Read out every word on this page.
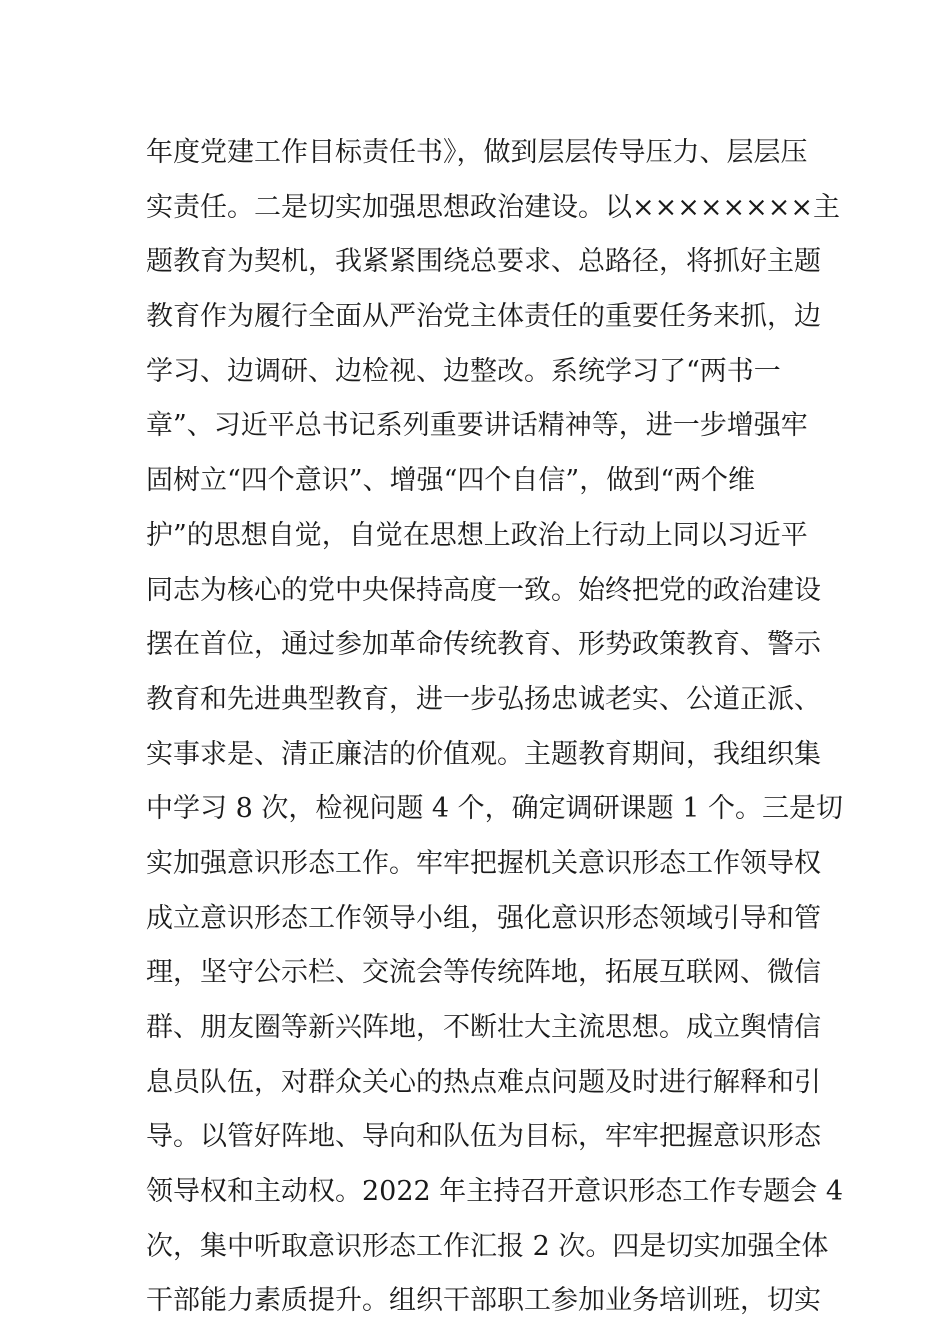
年度党建工作目标责任书》，做到层层传导压力、层层压
实责任。二是切实加强思想政治建设。以××××××××主
题教育为契机，我紧紧围绕总要求、总路径，将抓好主题
教育作为履行全面从严治党主体责任的重要任务来抓，边
学习、边调研、边检视、边整改。系统学习了“两书一
章”、习近平总书记系列重要讲话精神等，进一步增强牢
固树立“四个意识”、增强“四个自信”，做到“两个维
护”的思想自觉，自觉在思想上政治上行动上同以习近平
同志为核心的党中央保持高度一致。始终把党的政治建设
摆在首位，通过参加革命传统教育、形势政策教育、警示
教育和先进典型教育，进一步弘扬忠诚老实、公道正派、
实事求是、清正廉洁的价值观。主题教育期间，我组织集
中学习 8 次，检视问题 4 个，确定调研课题 1 个。三是切
实加强意识形态工作。牢牢把握机关意识形态工作领导权
成立意识形态工作领导小组，强化意识形态领域引导和管
理，坚守公示栏、交流会等传统阵地，拓展互联网、微信
群、朋友圈等新兴阵地，不断壮大主流思想。成立舆情信
息员队伍，对群众关心的热点难点问题及时进行解释和引
导。以管好阵地、导向和队伍为目标，牢牢把握意识形态
领导权和主动权。2022 年主持召开意识形态工作专题会 4
次，集中听取意识形态工作汇报 2 次。四是切实加强全体
干部能力素质提升。组织干部职工参加业务培训班，切实
